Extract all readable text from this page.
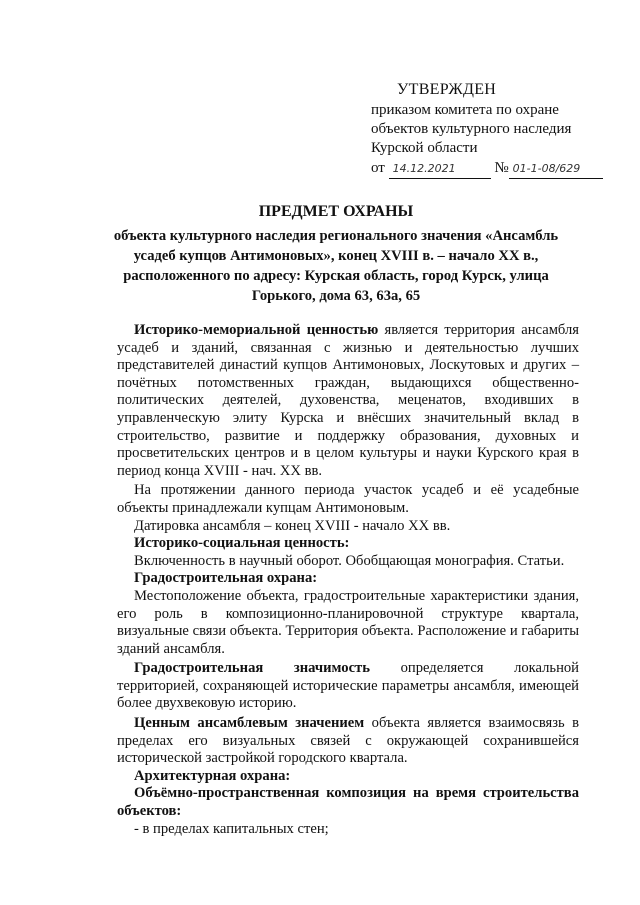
УТВЕРЖДЕН
приказом комитета по охране
объектов культурного наследия
Курской области
от 14.12.2021	№ 01-1-08/629
ПРЕДМЕТ ОХРАНЫ
объекта культурного наследия регионального значения «Ансамбль усадеб купцов Антимоновых», конец XVIII в. – начало XX в., расположенного по адресу: Курская область, город Курск, улица Горького, дома 63, 63а, 65

Историко-мемориальной ценностью является территория ансамбля усадеб и зданий, связанная с жизнью и деятельностью лучших представителей династий купцов Антимоновых, Лоскутовых и других – почётных потомственных граждан, выдающихся общественно-политических деятелей, духовенства, меценатов, входивших в управленческую элиту Курска и внёсших значительный вклад в строительство, развитие и поддержку образования, духовных и просветительских центров и в целом культуры и науки Курского края в период конца XVIII - нач. XX вв.

На протяжении данного периода участок усадеб и её усадебные объекты принадлежали купцам Антимоновым.

Датировка ансамбля – конец XVIII - начало XX вв.

Историко-социальная ценность:

Включенность в научный оборот. Обобщающая монография. Статьи.

Градостроительная охрана:

Местоположение объекта, градостроительные характеристики здания, его роль в композиционно-планировочной структуре квартала, визуальные связи объекта. Территория объекта. Расположение и габариты зданий ансамбля.

Градостроительная значимость определяется локальной территорией, сохраняющей исторические параметры ансамбля, имеющей более двухвековую историю.

Ценным ансамблевым значением объекта является взаимосвязь в пределах его визуальных связей с окружающей сохранившейся исторической застройкой городского квартала.

Архитектурная охрана:

Объёмно-пространственная композиция на время строительства объектов:

- в пределах капитальных стен;
